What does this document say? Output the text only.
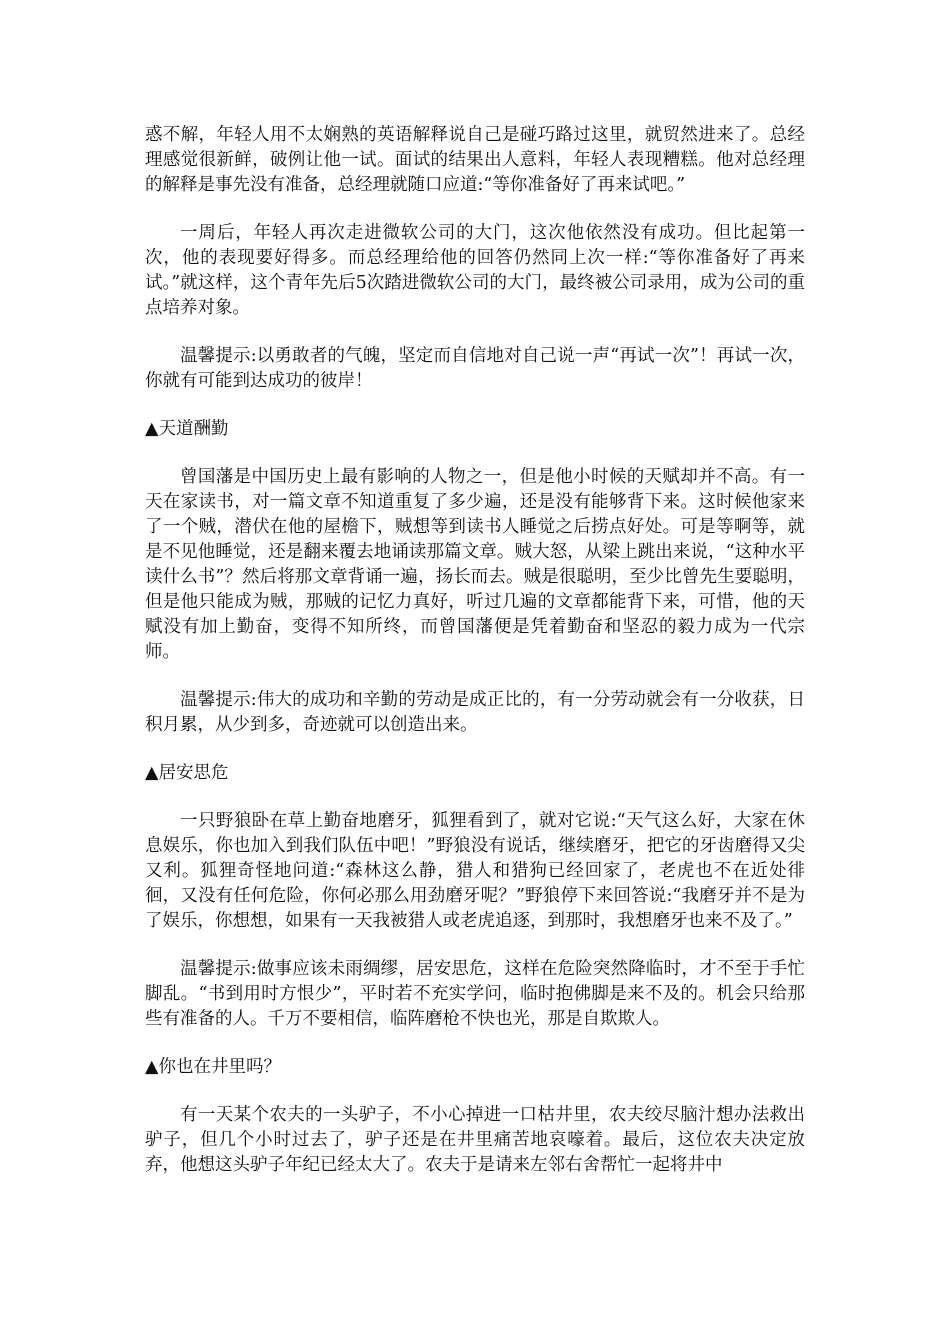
惑不解，年轻人用不太娴熟的英语解释说自己是碰巧路过这里，就贸然进来了。总经理感觉很新鲜，破例让他一试。面试的结果出人意料，年轻人表现糟糕。他对总经理的解释是事先没有准备，总经理就随口应道:“等你准备好了再来试吧。”

一周后，年轻人再次走进微软公司的大门，这次他依然没有成功。但比起第一次，他的表现要好得多。而总经理给他的回答仍然同上次一样:“等你准备好了再来试。”就这样，这个青年先后5次踏进微软公司的大门，最终被公司录用，成为公司的重点培养对象。

温馨提示:以勇敢者的气魄，坚定而自信地对自己说一声“再试一次”！再试一次，你就有可能到达成功的彼岸！

▲天道酬勤

曾国藩是中国历史上最有影响的人物之一，但是他小时候的天赋却并不高。有一天在家读书，对一篇文章不知道重复了多少遍，还是没有能够背下来。这时候他家来了一个贼，潜伏在他的屋檐下，贼想等到读书人睡觉之后捞点好处。可是等啊等，就是不见他睡觉，还是翻来覆去地诵读那篇文章。贼大怒，从梁上跳出来说，“这种水平读什么书”？然后将那文章背诵一遍，扬长而去。贼是很聪明，至少比曾先生要聪明，但是他只能成为贼，那贼的记忆力真好，听过几遍的文章都能背下来，可惜，他的天赋没有加上勤奋，变得不知所终，而曾国藩便是凭着勤奋和坚忍的毅力成为一代宗师。

温馨提示:伟大的成功和辛勤的劳动是成正比的，有一分劳动就会有一分收获，日积月累，从少到多，奇迹就可以创造出来。

▲居安思危

一只野狼卧在草上勤奋地磨牙，狐狸看到了，就对它说:“天气这么好，大家在休息娱乐，你也加入到我们队伍中吧！”野狼没有说话，继续磨牙，把它的牙齿磨得又尖又利。狐狸奇怪地问道:“森林这么静，猎人和猎狗已经回家了，老虎也不在近处徘徊，又没有任何危险，你何必那么用劲磨牙呢？”野狼停下来回答说:“我磨牙并不是为了娱乐，你想想，如果有一天我被猎人或老虎追逐，到那时，我想磨牙也来不及了。”

温馨提示:做事应该未雨绸缪，居安思危，这样在危险突然降临时，才不至于手忙脚乱。“书到用时方恨少”，平时若不充实学问，临时抱佛脚是来不及的。机会只给那些有准备的人。千万不要相信，临阵磨枪不快也光，那是自欺欺人。

▲你也在井里吗？

有一天某个农夫的一头驴子，不小心掉进一口枯井里，农夫绞尽脑汁想办法救出驴子，但几个小时过去了，驴子还是在井里痛苦地哀嚎着。最后，这位农夫决定放弃，他想这头驴子年纪已经太大了。农夫于是请来左邻右舍帮忙一起将井中
